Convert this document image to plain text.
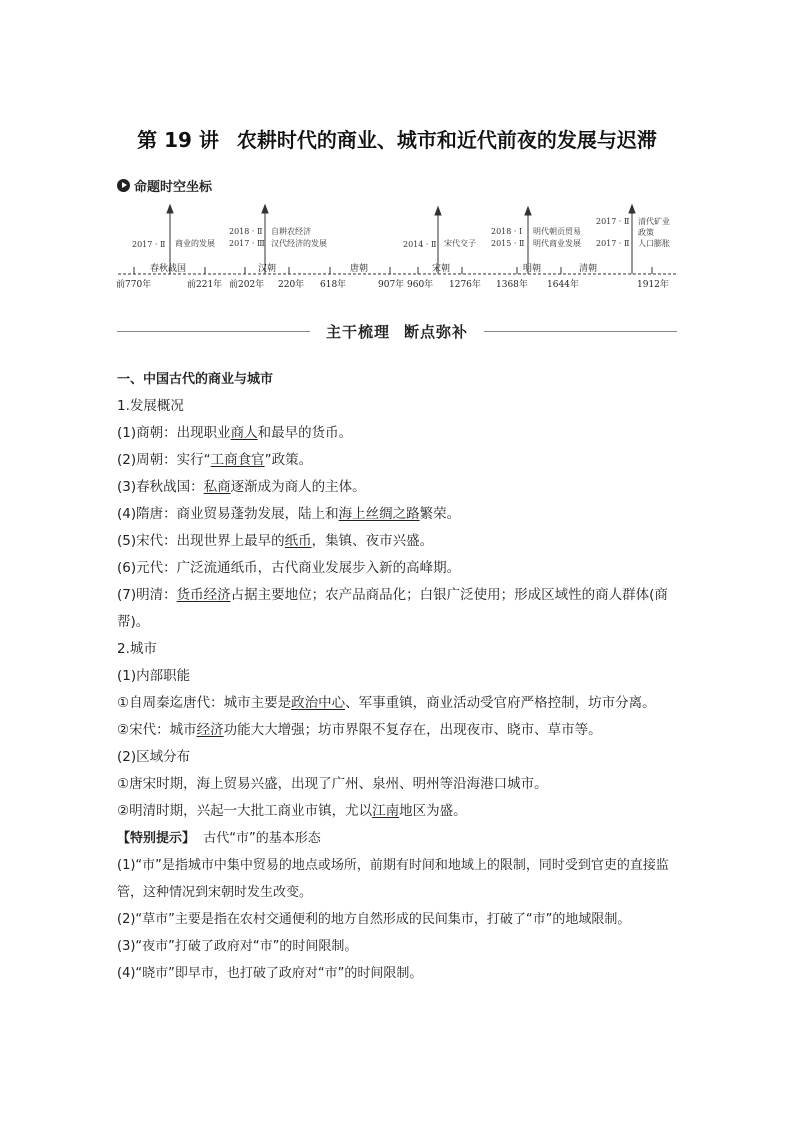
第 19 讲 农耕时代的商业、城市和近代前夜的发展与迟滞
命题时空坐标
2017 · Ⅱ
2018 · Ⅱ
2017 · Ⅲ	2014 · Ⅱ
2018 · Ⅰ
2015 · Ⅱ
2017 · Ⅱ
2017 · Ⅱ
商业的发展
自耕农经济
汉代经济的发展	宋代交子
明代朝贡贸易
明代商业发展
清代矿业
政策
人口膨胀
春秋战国	汉朝	唐朝	宋朝	明朝	清朝
前770年	前221年 前202年 220年 618年	907年 960年 1276年 1368年 1644年	1912年
主干梳理 断点弥补

一、中国古代的商业与城市

1.发展概况

(1)商朝：出现职业商人和最早的货币。

(2)周朝：实行“工商食官”政策。

(3)春秋战国：私商逐渐成为商人的主体。

(4)隋唐：商业贸易蓬勃发展，陆上和海上丝绸之路繁荣。

(5)宋代：出现世界上最早的纸币，集镇、夜市兴盛。

(6)元代：广泛流通纸币，古代商业发展步入新的高峰期。

(7)明清：货币经济占据主要地位；农产品商品化；白银广泛使用；形成区域性的商人群体(商帮)。

2.城市

(1)内部职能

①自周秦迄唐代：城市主要是政治中心、军事重镇，商业活动受官府严格控制，坊市分离。

②宋代：城市经济功能大大增强；坊市界限不复存在，出现夜市、晓市、草市等。

(2)区域分布

①唐宋时期，海上贸易兴盛，出现了广州、泉州、明州等沿海港口城市。

②明清时期，兴起一大批工商业市镇，尤以江南地区为盛。

【特别提示】 古代“市”的基本形态

(1)“市”是指城市中集中贸易的地点或场所，前期有时间和地域上的限制，同时受到官吏的直接监管，这种情况到宋朝时发生改变。

(2)“草市”主要是指在农村交通便利的地方自然形成的民间集市，打破了“市”的地域限制。

(3)“夜市”打破了政府对“市”的时间限制。

(4)“晓市”即早市，也打破了政府对“市”的时间限制。
